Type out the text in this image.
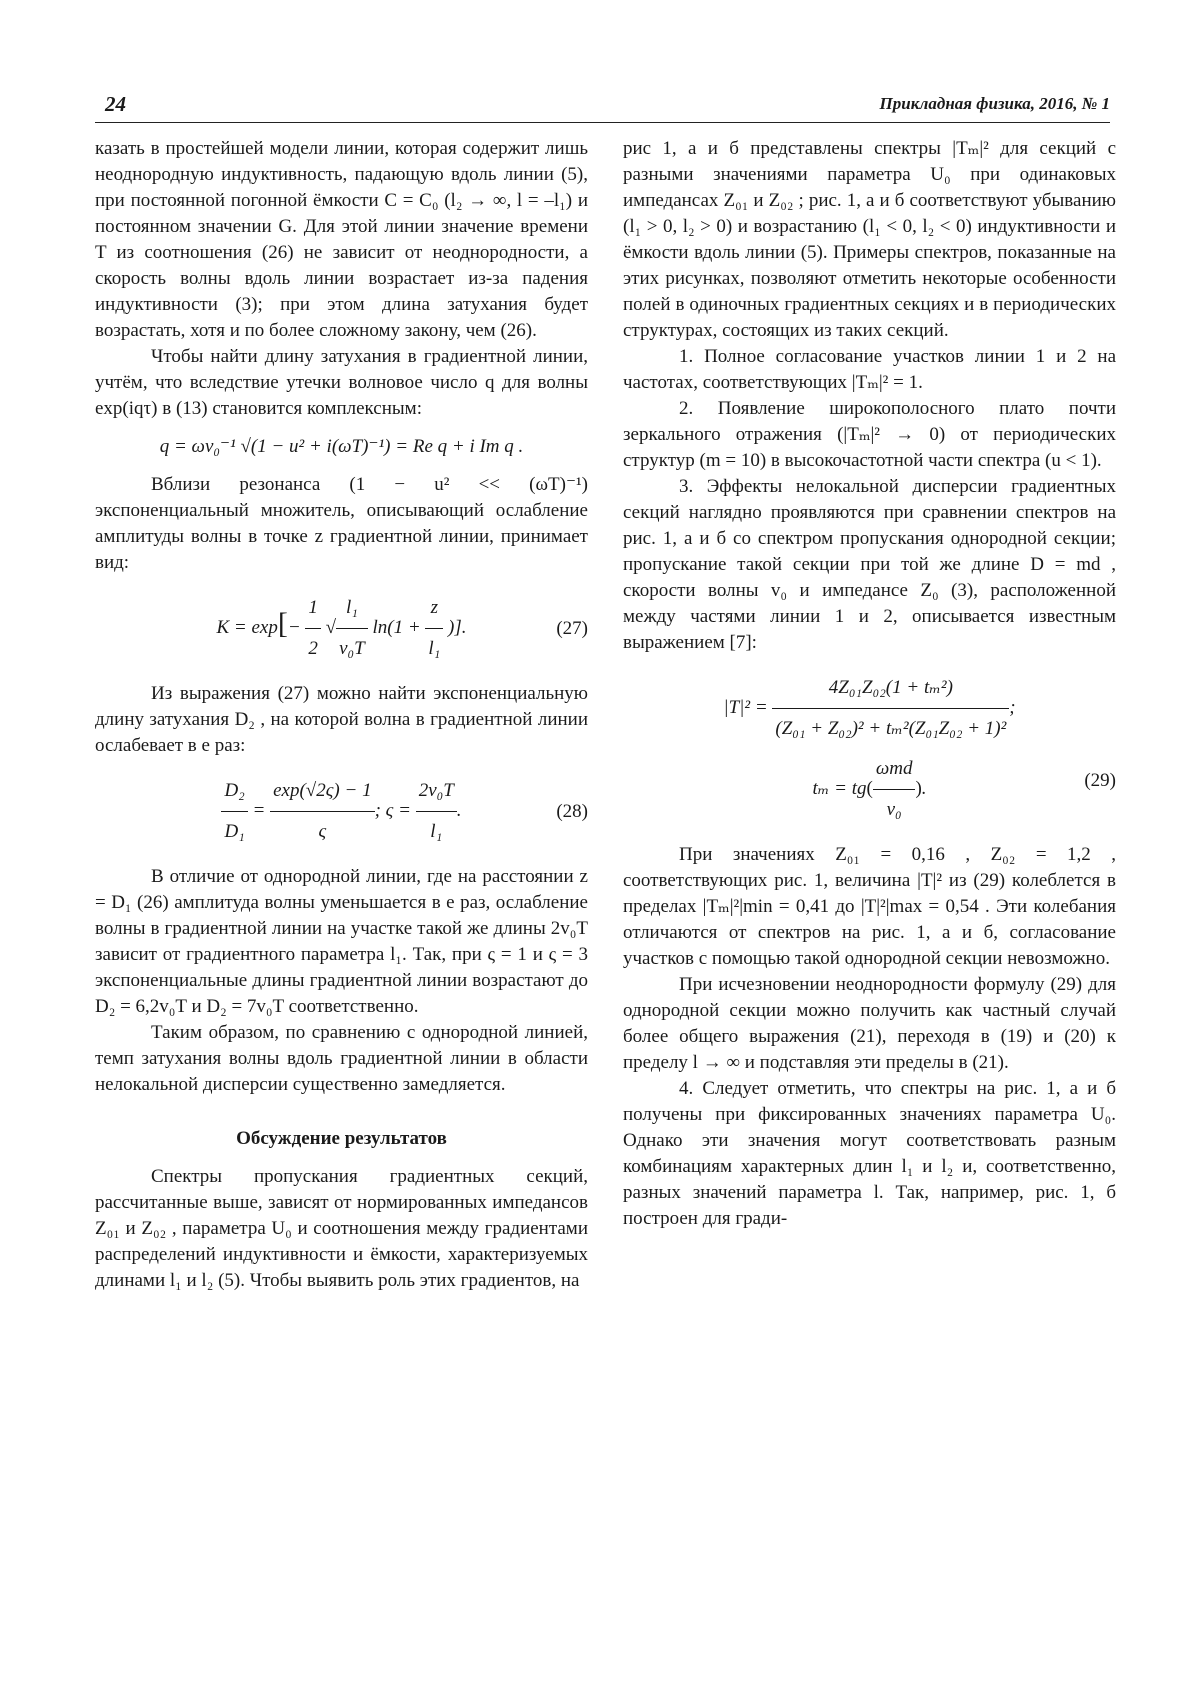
24	Прикладная физика, 2016, № 1

казать в простейшей модели линии, которая содержит лишь неоднородную индуктивность, падающую вдоль линии (5), при постоянной погонной ёмкости C = C₀ (l₂ → ∞, l = –l₁) и постоянном значении G. Для этой линии значение времени T из соотношения (26) не зависит от неоднородности, а скорость волны вдоль линии возрастает из-за падения индуктивности (3); при этом длина затухания будет возрастать, хотя и по более сложному закону, чем (26).

Чтобы найти длину затухания в градиентной линии, учтём, что вследствие утечки волновое число q для волны exp(iqτ) в (13) становится комплексным:

q = ωv₀⁻¹ √(1 − u² + i(ωT)⁻¹) = Re q + i Im q .

Вблизи резонанса (1 − u² << (ωT)⁻¹) экспоненциальный множитель, описывающий ослабление амплитуды волны в точке z градиентной линии, принимает вид:

$K = \exp[- \frac{1}{2}$ √ $\frac{\text{l₁}}{\text{v₀T}} \ln(1 + \frac{z}{\text{l₁}}$ )].	(27)

Из выражения (27) можно найти экспоненциальную длину затухания D₂ , на которой волна в градиентной линии ослабевает в e раз:

$\frac{\text{D₂}}{\text{D₁}} = \frac{\exp(√2\varsigma) - 1}{\varsigma}$ ; $\varsigma = \frac{\text{2v₀T}}{\text{l₁}}$ .	(28)

В отличие от однородной линии, где на расстоянии z = D₁ (26) амплитуда волны уменьшается в e раз, ослабление волны в градиентной линии на участке такой же длины 2v₀T зависит от градиентного параметра l₁. Так, при ς = 1 и ς = 3 экспоненциальные длины градиентной линии возрастают до D₂ = 6,2v₀T и D₂ = 7v₀T соответственно.

Таким образом, по сравнению с однородной линией, темп затухания волны вдоль градиентной линии в области нелокальной дисперсии существенно замедляется.

Обсуждение результатов

Спектры пропускания градиентных секций, рассчитанные выше, зависят от нормированных импедансов Z₀₁ и Z₀₂ , параметра U₀ и соотношения между градиентами распределений индуктивности и ёмкости, характеризуемых длинами l₁ и l₂ (5). Чтобы выявить роль этих градиентов, на

рис 1, а и б представлены спектры |Tₘ|² для секций с разными значениями параметра U₀ при одинаковых импедансах Z₀₁ и Z₀₂ ; рис. 1, а и б соответствуют убыванию (l₁ > 0, l₂ > 0) и возрастанию (l₁ < 0, l₂ < 0) индуктивности и ёмкости вдоль линии (5). Примеры спектров, показанные на этих рисунках, позволяют отметить некоторые особенности полей в одиночных градиентных секциях и в периодических структурах, состоящих из таких секций.

1. Полное согласование участков линии 1 и 2 на частотах, соответствующих |Tₘ|² = 1.

2. Появление широкополосного плато почти зеркального отражения (|Tₘ|² → 0) от периодических структур (m = 10) в высокочастотной части спектра (u < 1).

3. Эффекты нелокальной дисперсии градиентных секций наглядно проявляются при сравнении спектров на рис. 1, а и б со спектром пропускания однородной секции; пропускание такой секции при той же длине D = md , скорости волны v₀ и импедансе Z₀ (3), расположенной между частями линии 1 и 2, описывается известным выражением [7]:

$|T|^2 = \frac{\text{4Z₀₁Z₀₂(1 + tₘ²)}}{\text{(Z₀₁ + Z₀₂)² + tₘ²(Z₀₁Z₀₂ + 1)²}}$ ;
$t_m = tg( \frac{\text{ωmd}}{\text{v₀}}$ ).	(29)

При значениях Z₀₁ = 0,16 , Z₀₂ = 1,2 , соответствующих рис. 1, величина |T|² из (29) колеблется в пределах |Tₘ|²|min = 0,41 до |T|²|max = 0,54 . Эти колебания отличаются от спектров на рис. 1, а и б, согласование участков с помощью такой однородной секции невозможно.

При исчезновении неоднородности формулу (29) для однородной секции можно получить как частный случай более общего выражения (21), переходя в (19) и (20) к пределу l → ∞ и подставляя эти пределы в (21).

4. Следует отметить, что спектры на рис. 1, а и б получены при фиксированных значениях параметра U₀. Однако эти значения могут соответствовать разным комбинациям характерных длин l₁ и l₂ и, соответственно, разных значений параметра l. Так, например, рис. 1, б построен для гради-
